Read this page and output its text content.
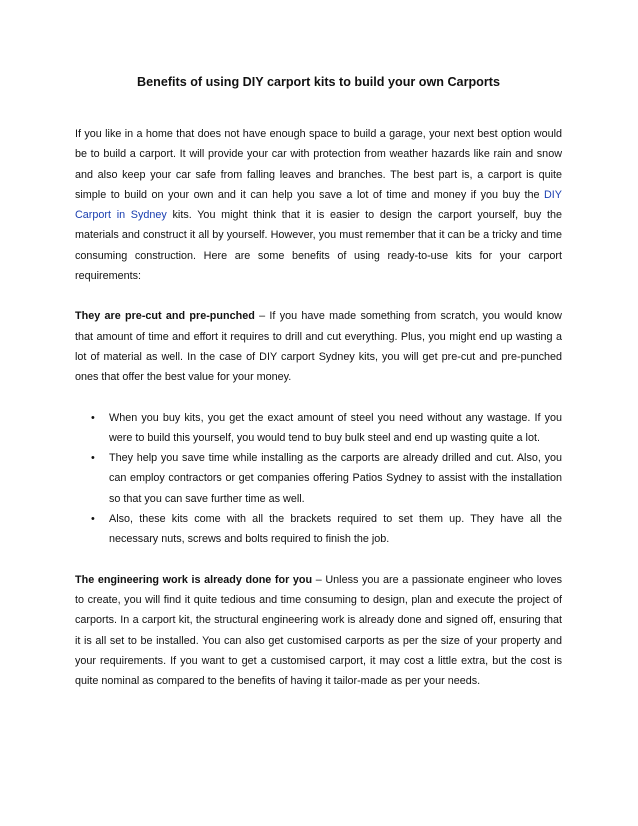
Benefits of using DIY carport kits to build your own Carports

If you like in a home that does not have enough space to build a garage, your next best option would be to build a carport. It will provide your car with protection from weather hazards like rain and snow and also keep your car safe from falling leaves and branches. The best part is, a carport is quite simple to build on your own and it can help you save a lot of time and money if you buy the DIY Carport in Sydney kits. You might think that it is easier to design the carport yourself, buy the materials and construct it all by yourself. However, you must remember that it can be a tricky and time consuming construction. Here are some benefits of using ready-to-use kits for your carport requirements:

They are pre-cut and pre-punched – If you have made something from scratch, you would know that amount of time and effort it requires to drill and cut everything. Plus, you might end up wasting a lot of material as well. In the case of DIY carport Sydney kits, you will get pre-cut and pre-punched ones that offer the best value for your money.

• When you buy kits, you get the exact amount of steel you need without any wastage. If you were to build this yourself, you would tend to buy bulk steel and end up wasting quite a lot.
• They help you save time while installing as the carports are already drilled and cut. Also, you can employ contractors or get companies offering Patios Sydney to assist with the installation so that you can save further time as well.
• Also, these kits come with all the brackets required to set them up. They have all the necessary nuts, screws and bolts required to finish the job.

The engineering work is already done for you – Unless you are a passionate engineer who loves to create, you will find it quite tedious and time consuming to design, plan and execute the project of carports. In a carport kit, the structural engineering work is already done and signed off, ensuring that it is all set to be installed. You can also get customised carports as per the size of your property and your requirements. If you want to get a customised carport, it may cost a little extra, but the cost is quite nominal as compared to the benefits of having it tailor-made as per your needs.
